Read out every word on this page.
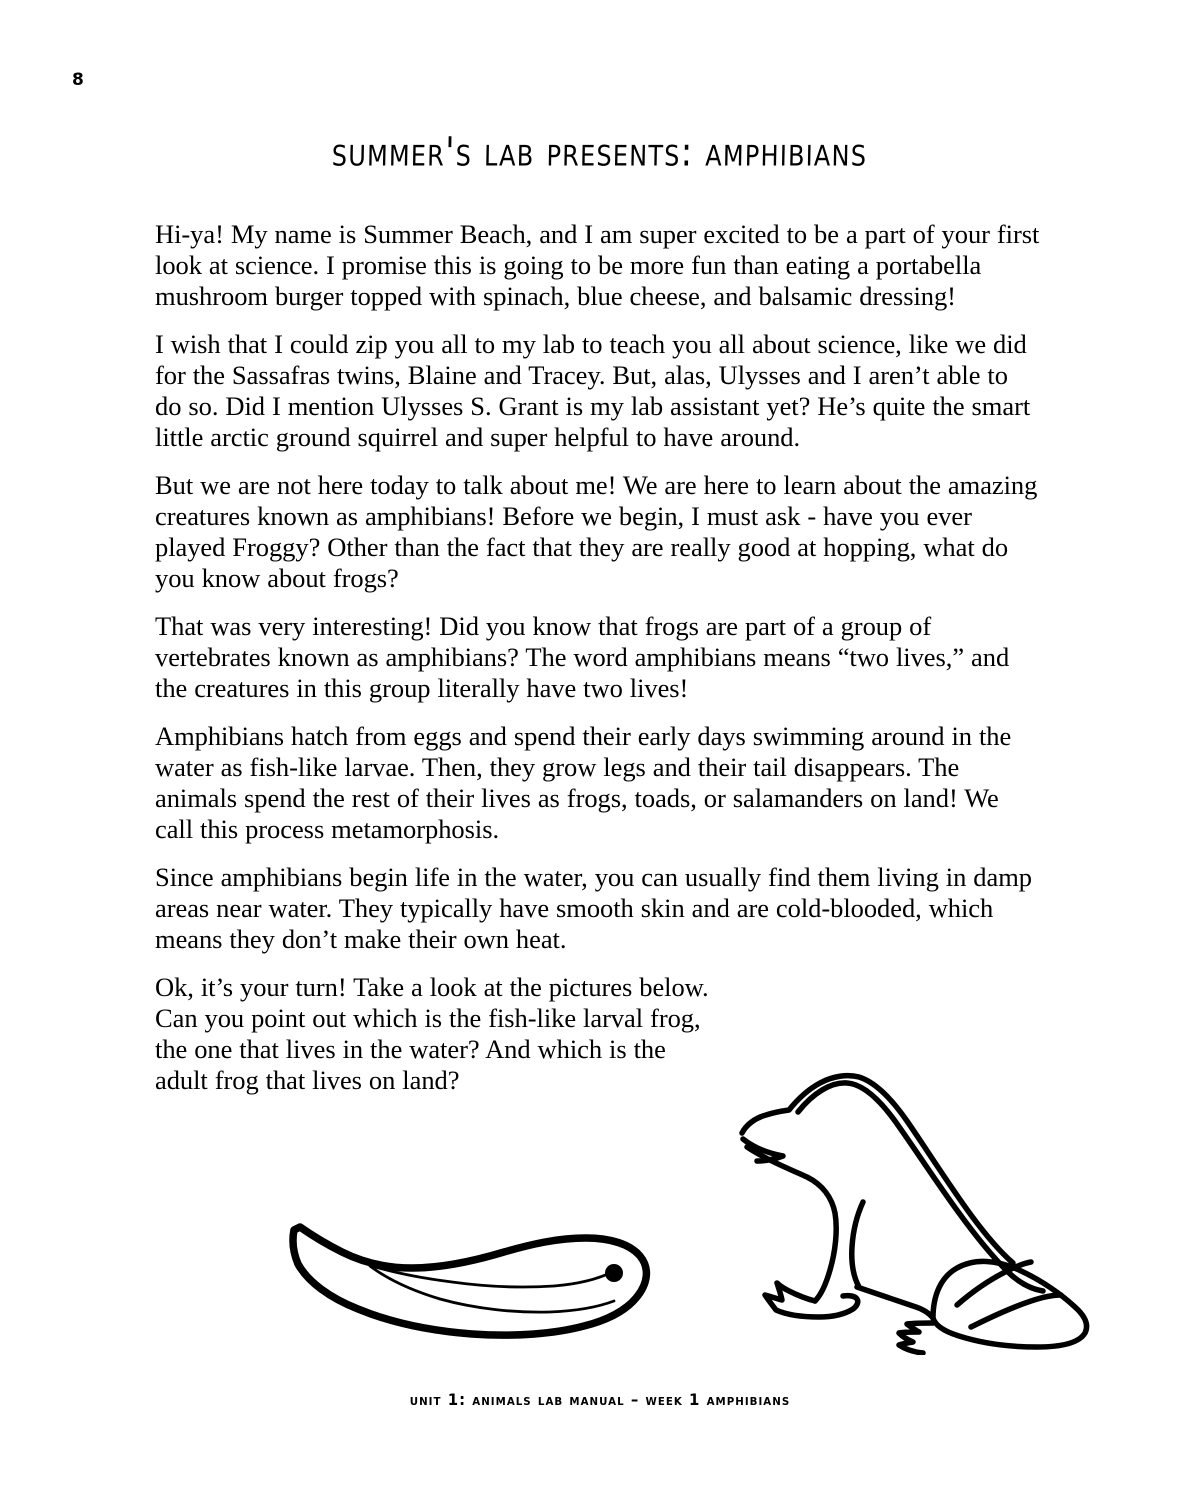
8
summer's lab presents: amphibians

Hi-ya! My name is Summer Beach, and I am super excited to be a part of your first look at science. I promise this is going to be more fun than eating a portabella mushroom burger topped with spinach, blue cheese, and balsamic dressing!

I wish that I could zip you all to my lab to teach you all about science, like we did for the Sassafras twins, Blaine and Tracey. But, alas, Ulysses and I aren’t able to do so. Did I mention Ulysses S. Grant is my lab assistant yet? He’s quite the smart little arctic ground squirrel and super helpful to have around.

But we are not here today to talk about me! We are here to learn about the amazing creatures known as amphibians! Before we begin, I must ask - have you ever played Froggy? Other than the fact that they are really good at hopping, what do you know about frogs?

That was very interesting! Did you know that frogs are part of a group of vertebrates known as amphibians? The word amphibians means “two lives,” and the creatures in this group literally have two lives!

Amphibians hatch from eggs and spend their early days swimming around in the water as fish-like larvae. Then, they grow legs and their tail disappears. The animals spend the rest of their lives as frogs, toads, or salamanders on land! We call this process metamorphosis.

Since amphibians begin life in the water, you can usually find them living in damp areas near water. They typically have smooth skin and are cold-blooded, which means they don’t make their own heat.

Ok, it’s your turn! Take a look at the pictures below. Can you point out which is the fish-like larval frog, the one that lives in the water? And which is the adult frog that lives on land?

unit 1: animals lab manual – week 1 amphibians
